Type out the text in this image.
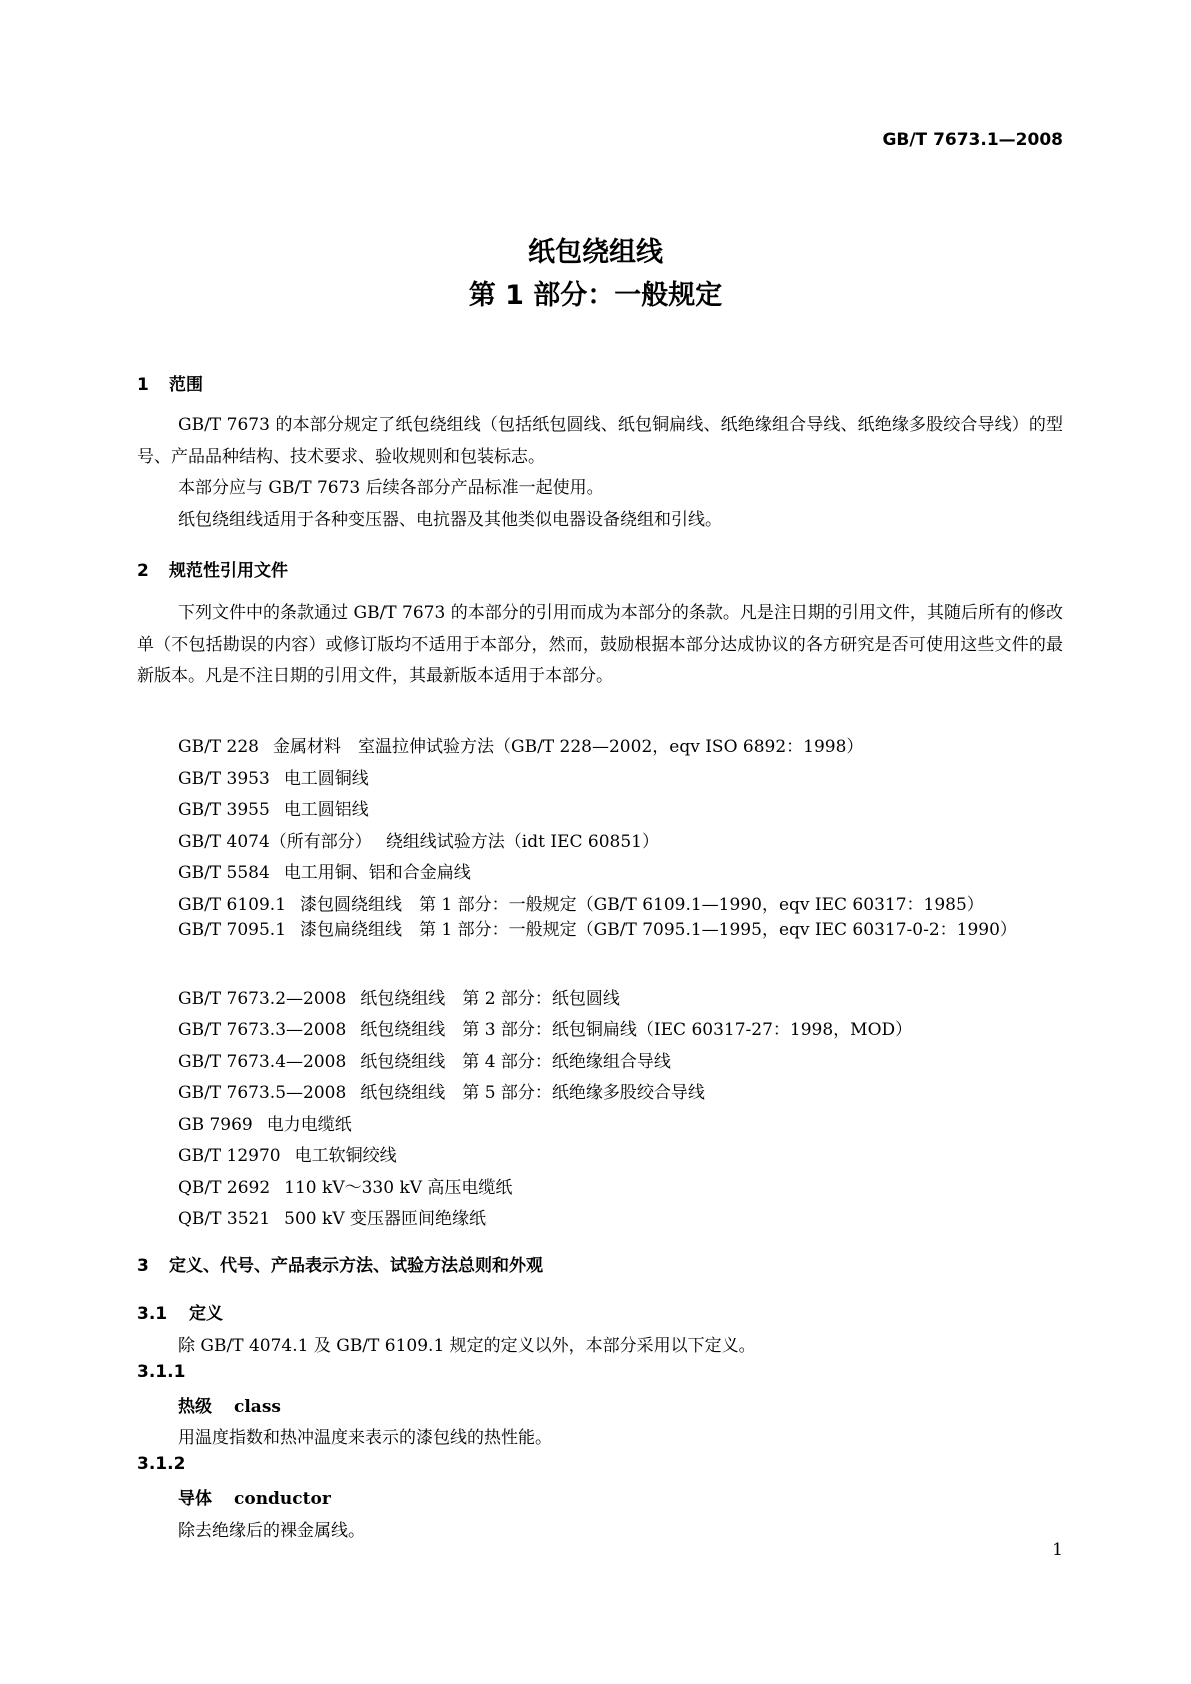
GB/T 7673.1—2008
纸包绕组线
第 1 部分：一般规定
1 范围
GB/T 7673 的本部分规定了纸包绕组线（包括纸包圆线、纸包铜扁线、纸绝缘组合导线、纸绝缘多股绞合导线）的型号、产品品种结构、技术要求、验收规则和包装标志。
本部分应与 GB/T 7673 后续各部分产品标准一起使用。
纸包绕组线适用于各种变压器、电抗器及其他类似电器设备绕组和引线。
2 规范性引用文件
下列文件中的条款通过 GB/T 7673 的本部分的引用而成为本部分的条款。凡是注日期的引用文件，其随后所有的修改单（不包括勘误的内容）或修订版均不适用于本部分，然而，鼓励根据本部分达成协议的各方研究是否可使用这些文件的最新版本。凡是不注日期的引用文件，其最新版本适用于本部分。
GB/T 228 金属材料　室温拉伸试验方法（GB/T 228—2002，eqv ISO 6892：1998）
GB/T 3953 电工圆铜线
GB/T 3955 电工圆铝线
GB/T 4074（所有部分） 绕组线试验方法（idt IEC 60851）
GB/T 5584 电工用铜、铝和合金扁线
GB/T 6109.1 漆包圆绕组线　第 1 部分：一般规定（GB/T 6109.1—1990，eqv IEC 60317：1985）
GB/T 7095.1 漆包扁绕组线　第 1 部分：一般规定（GB/T 7095.1—1995，eqv IEC 60317-0-2：1990）
GB/T 7673.2—2008 纸包绕组线　第 2 部分：纸包圆线
GB/T 7673.3—2008 纸包绕组线　第 3 部分：纸包铜扁线（IEC 60317-27：1998，MOD）
GB/T 7673.4—2008 纸包绕组线　第 4 部分：纸绝缘组合导线
GB/T 7673.5—2008 纸包绕组线　第 5 部分：纸绝缘多股绞合导线
GB 7969 电力电缆纸
GB/T 12970 电工软铜绞线
QB/T 2692 110 kV～330 kV 高压电缆纸
QB/T 3521 500 kV 变压器匝间绝缘纸
3 定义、代号、产品表示方法、试验方法总则和外观
3.1 定义
除 GB/T 4074.1 及 GB/T 6109.1 规定的定义以外，本部分采用以下定义。
3.1.1
热级 class
用温度指数和热冲温度来表示的漆包线的热性能。
3.1.2
导体 conductor
除去绝缘后的裸金属线。
1
